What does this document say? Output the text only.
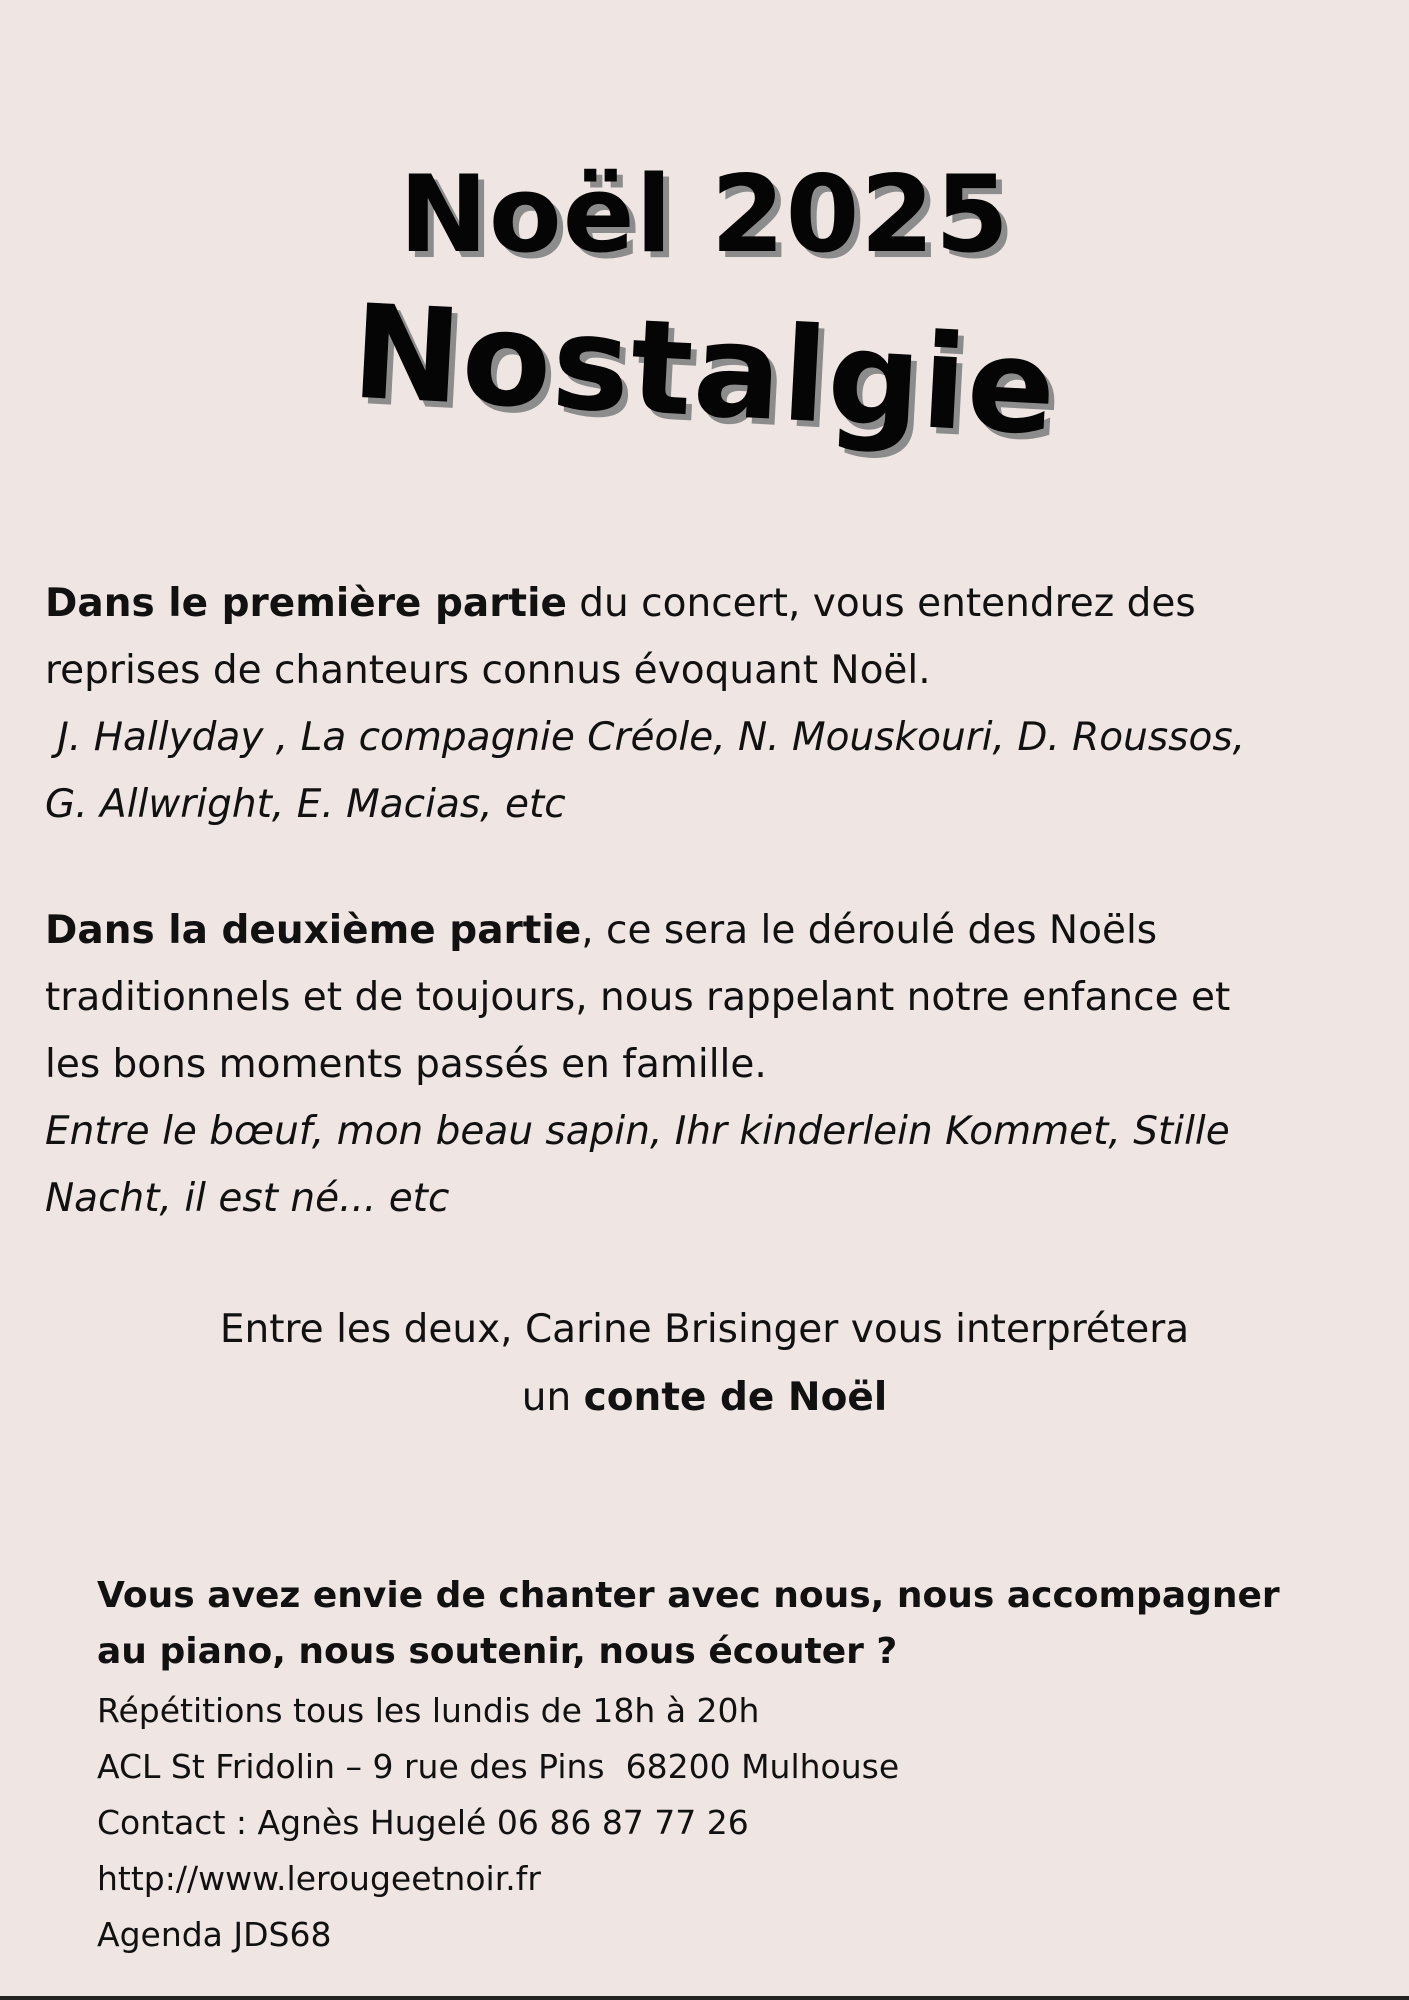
Noël 2025
Nostalgie
Dans le première partie du concert, vous entendrez des
reprises de chanteurs connus évoquant Noël.
J. Hallyday , La compagnie Créole, N. Mouskouri, D. Roussos,
G. Allwright, E. Macias, etc
Dans la deuxième partie, ce sera le déroulé des Noëls
traditionnels et de toujours, nous rappelant notre enfance et
les bons moments passés en famille.
Entre le bœuf, mon beau sapin, Ihr kinderlein Kommet, Stille
Nacht, il est né... etc
Entre les deux, Carine Brisinger vous interprétera
un conte de Noël
Vous avez envie de chanter avec nous, nous accompagner
au piano, nous soutenir, nous écouter ?
Répétitions tous les lundis de 18h à 20h
ACL St Fridolin – 9 rue des Pins  68200 Mulhouse
Contact : Agnès Hugelé 06 86 87 77 26
http://www.lerougeetnoir.fr
Agenda JDS68
